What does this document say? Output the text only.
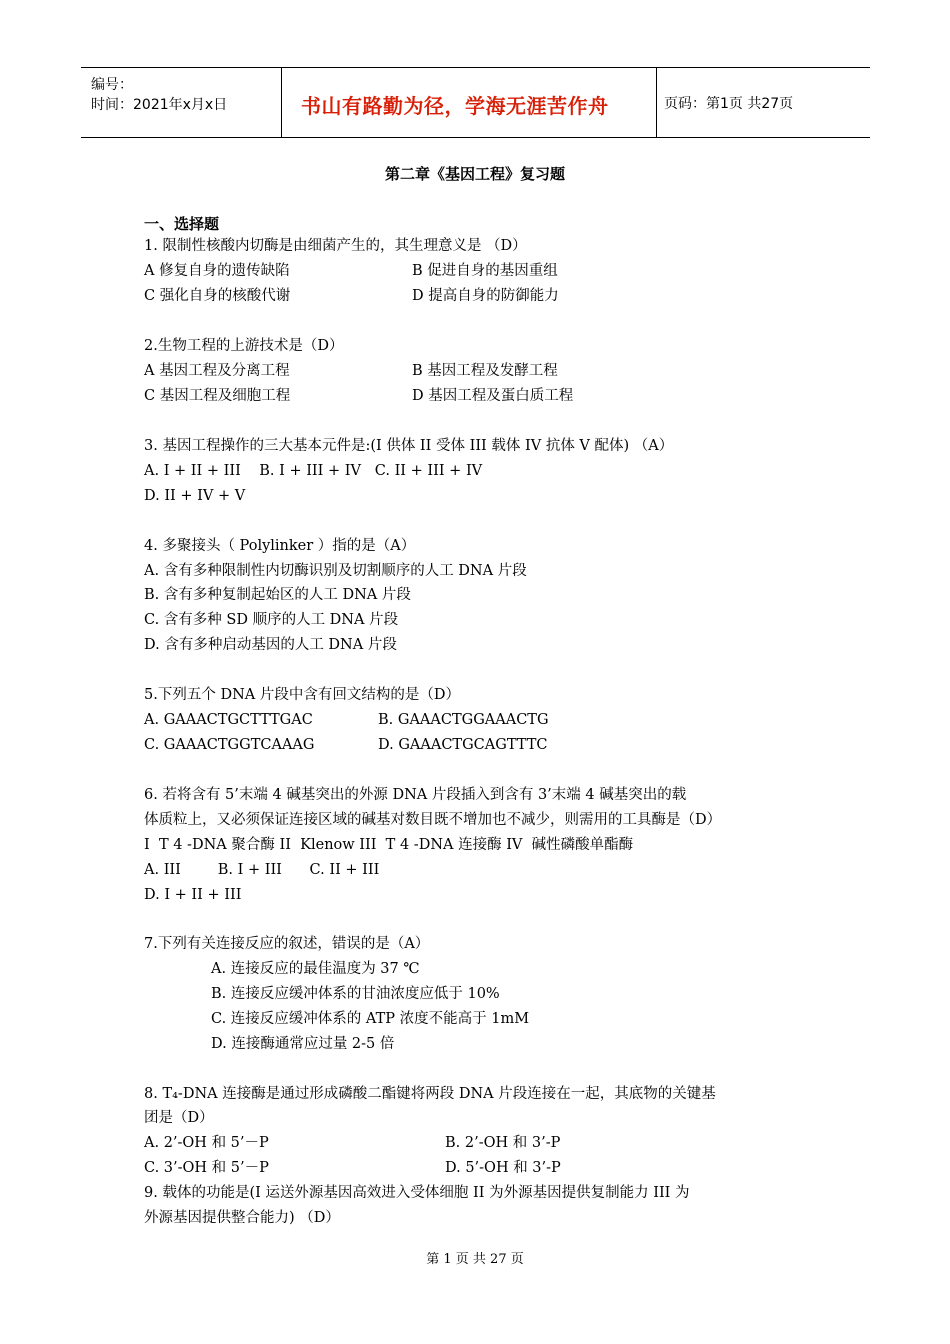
编号：
时间：2021年x月x日	书山有路勤为径，学海无涯苦作舟	页码：第1页 共27页
第二章《基因工程》复习题
一、选择题
1. 限制性核酸内切酶是由细菌产生的，其生理意义是 （D）
A 修复自身的遗传缺陷	B 促进自身的基因重组
C 强化自身的核酸代谢	D 提高自身的防御能力
2.生物工程的上游技术是（D）
A 基因工程及分离工程	B 基因工程及发酵工程
C 基因工程及细胞工程	D 基因工程及蛋白质工程
3. 基因工程操作的三大基本元件是:(I 供体 II 受体 III 载体 IV 抗体 V 配体) （A）
A. I + II + III    B. I + III + IV   C. II + III + IV
D. II + IV + V
4. 多聚接头（ Polylinker ）指的是（A）
A. 含有多种限制性内切酶识别及切割顺序的人工 DNA 片段
B. 含有多种复制起始区的人工 DNA 片段
C. 含有多种 SD 顺序的人工 DNA 片段
D. 含有多种启动基因的人工 DNA 片段
5.下列五个 DNA 片段中含有回文结构的是（D）
A. GAAACTGCTTTGAC	B. GAAACTGGAAACTG
C. GAAACTGGTCAAAG	D. GAAACTGCAGTTTC
6. 若将含有 5’末端 4 碱基突出的外源 DNA 片段插入到含有 3’末端 4 碱基突出的载
体质粒上，又必须保证连接区域的碱基对数目既不增加也不减少，则需用的工具酶是（D）
I  T 4 -DNA 聚合酶 II  Klenow III  T 4 -DNA 连接酶 IV  碱性磷酸单酯酶
A. III        B. I + III      C. II + III
D. I + II + III
7.下列有关连接反应的叙述，错误的是（A）
A. 连接反应的最佳温度为 37 ℃
B. 连接反应缓冲体系的甘油浓度应低于 10%
C. 连接反应缓冲体系的 ATP 浓度不能高于 1mM
D. 连接酶通常应过量 2-5 倍
8. T₄-DNA 连接酶是通过形成磷酸二酯键将两段 DNA 片段连接在一起，其底物的关键基
团是（D）
A. 2’-OH 和 5’－P	B. 2’-OH 和 3’-P
C. 3’-OH 和 5’－P	D. 5’-OH 和 3’-P
9. 载体的功能是(I 运送外源基因高效进入受体细胞 II 为外源基因提供复制能力 III 为
外源基因提供整合能力) （D）
第 1 页 共 27 页
